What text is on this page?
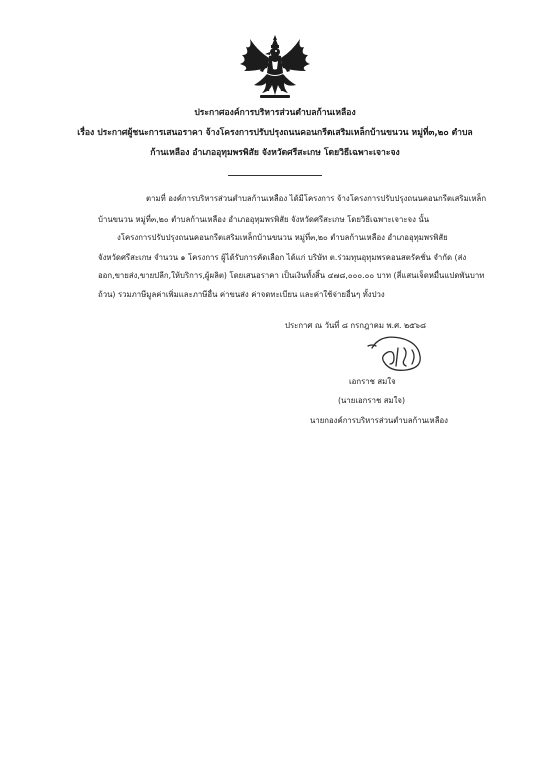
ประกาศองค์การบริหารส่วนตำบลก้านเหลือง
เรื่อง ประกาศผู้ชนะการเสนอราคา จ้างโครงการปรับปรุงถนนคอนกรีตเสริมเหล็กบ้านขนวน หมู่ที่๓,๒๐ ตำบล
ก้านเหลือง อำเภออุทุมพรพิสัย จังหวัดศรีสะเกษ โดยวิธีเฉพาะเจาะจง
ตามที่ องค์การบริหารส่วนตำบลก้านเหลือง ได้มีโครงการ จ้างโครงการปรับปรุงถนนคอนกรีตเสริมเหล็ก
บ้านขนวน หมู่ที่๓,๒๐ ตำบลก้านเหลือง อำเภออุทุมพรพิสัย จังหวัดศรีสะเกษ โดยวิธีเฉพาะเจาะจง นั้น
งโครงการปรับปรุงถนนคอนกรีตเสริมเหล็กบ้านขนวน หมู่ที่๓,๒๐ ตำบลก้านเหลือง อำเภออุทุมพรพิสัย
จังหวัดศรีสะเกษ จำนวน ๑ โครงการ ผู้ได้รับการคัดเลือก ได้แก่ บริษัท ต.ร่วมทุนอุทุมพรคอนสตรัคชั่น จำกัด (ส่ง
ออก,ขายส่ง,ขายปลีก,ให้บริการ,ผู้ผลิต) โดยเสนอราคา เป็นเงินทั้งสิ้น ๔๗๘,๐๐๐.๐๐ บาท (สี่แสนเจ็ดหมื่นแปดพันบาท
ถ้วน) รวมภาษีมูลค่าเพิ่มและภาษีอื่น ค่าขนส่ง ค่าจดทะเบียน และค่าใช้จ่ายอื่นๆ ทั้งปวง
ประกาศ ณ วันที่ ๘ กรกฎาคม พ.ศ. ๒๕๖๘
เอกราช สมใจ
(นายเอกราช สมใจ)
นายกองค์การบริหารส่วนตำบลก้านเหลือง
